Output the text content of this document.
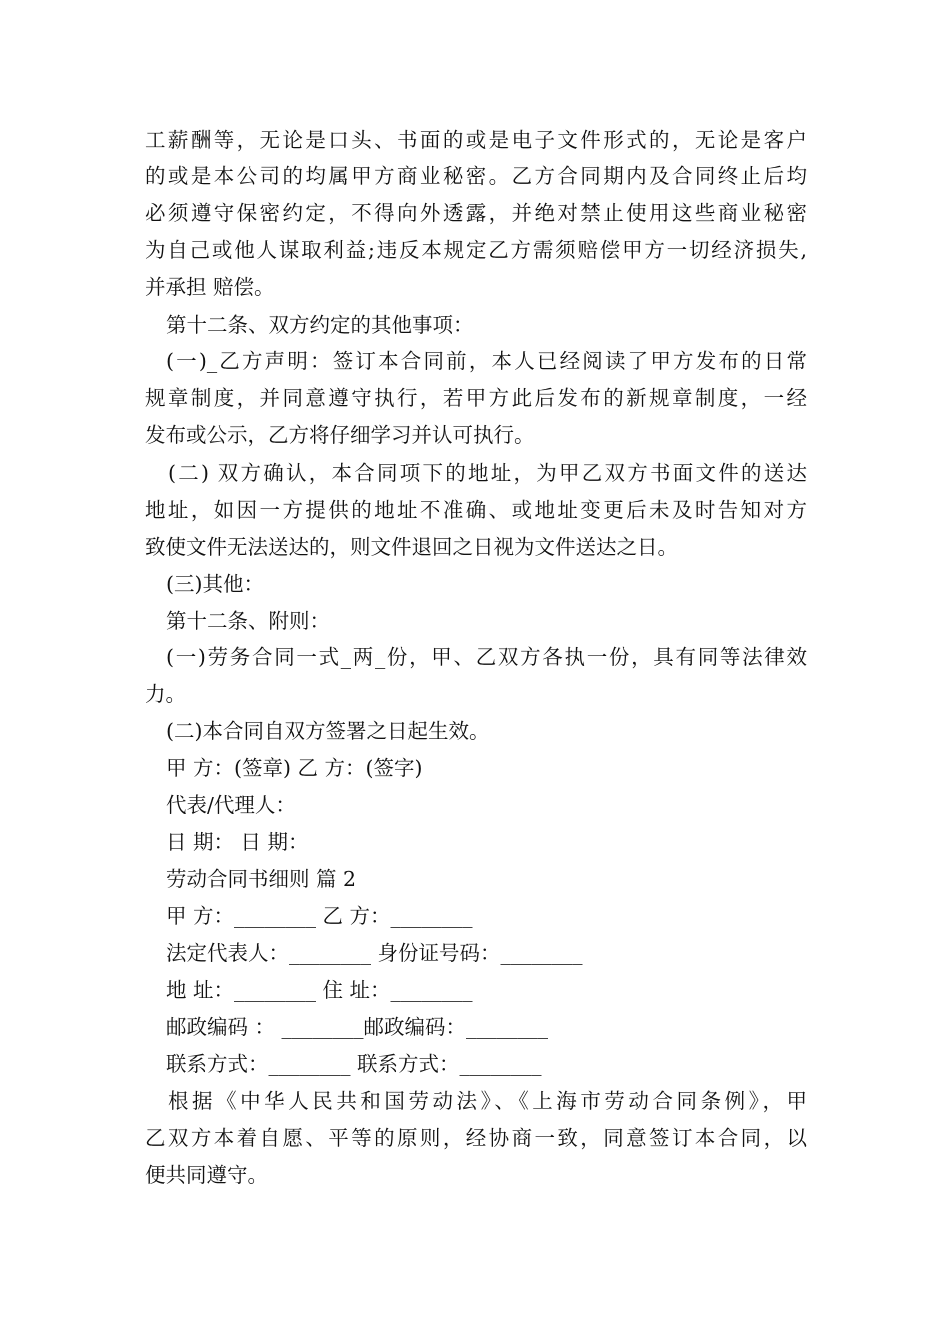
工薪酬等，无论是口头、书面的或是电子文件形式的，无论是客户
的或是本公司的均属甲方商业秘密。乙方合同期内及合同终止后均
必须遵守保密约定，不得向外透露，并绝对禁止使用这些商业秘密
为自己或他人谋取利益;违反本规定乙方需须赔偿甲方一切经济损失,
并承担 赔偿。
第十二条、双方约定的其他事项：
(一)_乙方声明：签订本合同前，本人已经阅读了甲方发布的日常
规章制度，并同意遵守执行，若甲方此后发布的新规章制度，一经
发布或公示，乙方将仔细学习并认可执行。
(二) 双方确认，本合同项下的地址，为甲乙双方书面文件的送达
地址，如因一方提供的地址不准确、或地址变更后未及时告知对方
致使文件无法送达的，则文件退回之日视为文件送达之日。
(三)其他：
第十二条、附则：
(一)劳务合同一式_两_份，甲、乙双方各执一份，具有同等法律效
力。
(二)本合同自双方签署之日起生效。
甲 方：(签章) 乙 方：(签字)
代表/代理人：
日 期： 日 期：
劳动合同书细则 篇 2
甲 方：________ 乙 方：________
法定代表人：________ 身份证号码：________
地 址：________ 住 址：________
邮政编码 ： ________邮政编码：________
联系方式：________ 联系方式：________
根据《中华人民共和国劳动法》、《上海市劳动合同条例》，甲
乙双方本着自愿、平等的原则，经协商一致，同意签订本合同，以
便共同遵守。
